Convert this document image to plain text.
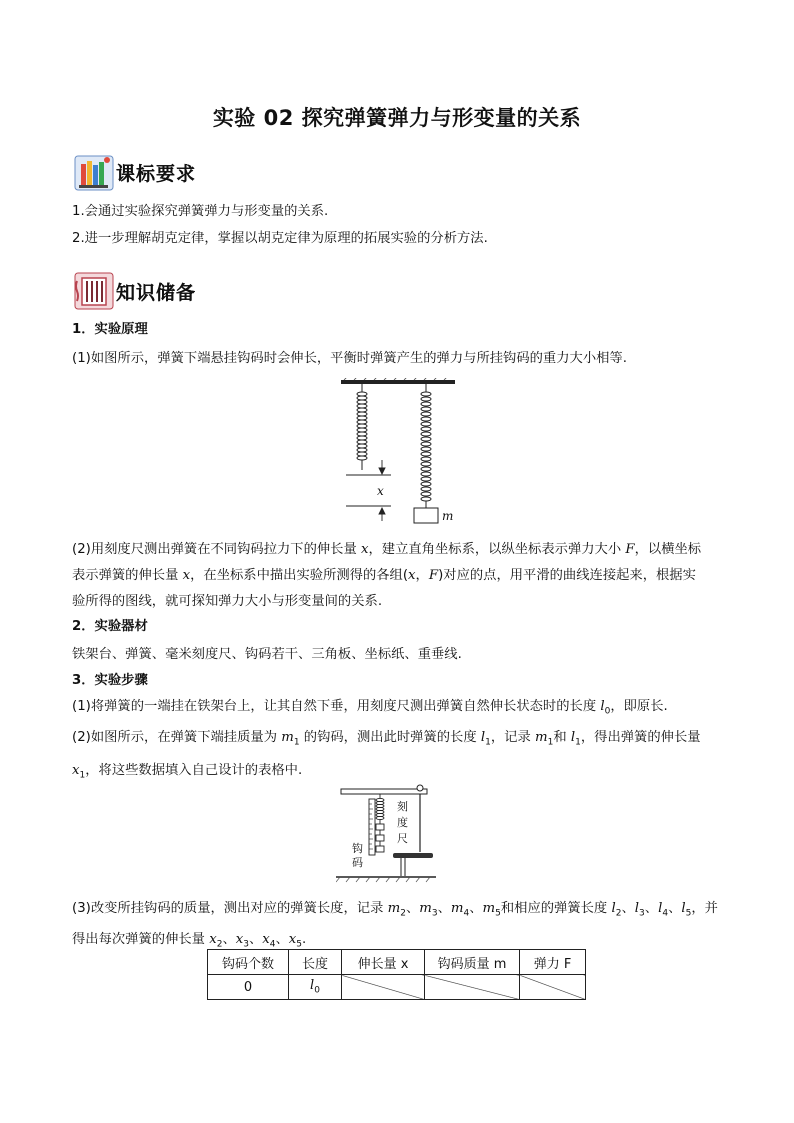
实验 02 探究弹簧弹力与形变量的关系
课标要求
1.会通过实验探究弹簧弹力与形变量的关系.
2.进一步理解胡克定律，掌握以胡克定律为原理的拓展实验的分析方法.
知识储备
1．实验原理
(1)如图所示，弹簧下端悬挂钩码时会伸长，平衡时弹簧产生的弹力与所挂钩码的重力大小相等.
x
m
(2)用刻度尺测出弹簧在不同钩码拉力下的伸长量 x，建立直角坐标系，以纵坐标表示弹力大小 F，以横坐标
表示弹簧的伸长量 x，在坐标系中描出实验所测得的各组(x，F)对应的点，用平滑的曲线连接起来，根据实
验所得的图线，就可探知弹力大小与形变量间的关系.
2．实验器材
铁架台、弹簧、毫米刻度尺、钩码若干、三角板、坐标纸、重垂线.
3．实验步骤
(1)将弹簧的一端挂在铁架台上，让其自然下垂，用刻度尺测出弹簧自然伸长状态时的长度 $l_0$，即原长.
(2)如图所示，在弹簧下端挂质量为 $m_1$ 的钩码，测出此时弹簧的长度 $l_1$，记录 $m_1$和 $l_1$，得出弹簧的伸长量
$x_1$，将这些数据填入自己设计的表格中.
刻
度
尺
钩
码
(3)改变所挂钩码的质量，测出对应的弹簧长度，记录 $m_2$、$m_3$、$m_4$、$m_5$和相应的弹簧长度 $l_2$、$l_3$、$l_4$、$l_5$，并
得出每次弹簧的伸长量 $x_2$、$x_3$、$x_4$、$x_5$.
钩码个数	长度	伸长量 x	钩码质量 m	弹力 F
0	$l_0$			
